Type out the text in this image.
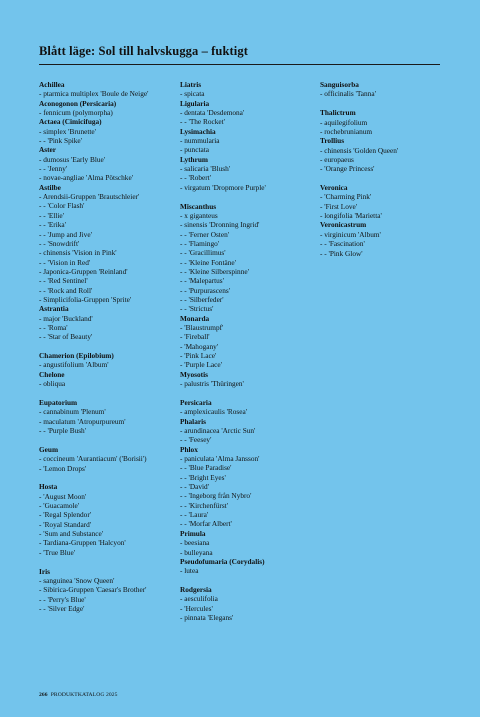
Blått läge: Sol till halvskugga – fuktigt
Achillea
- ptarmica multiplex 'Boule de Neige'
Aconogonon (Persicaria)
- fennicum (polymorpha)
Actaea (Cimicifuga)
- simplex 'Brunette'
- - 'Pink Spike'
Aster
- dumosus 'Early Blue'
- - 'Jenny'
- novae-angliae 'Alma Pötschke'
Astilbe
- Arendsii-Gruppen 'Brautschleier'
- - 'Color Flash'
- - 'Ellie'
- - 'Erika'
- - 'Jump and Jive'
- - 'Snowdrift'
- chinensis 'Vision in Pink'
- - 'Vision in Red'
- Japonica-Gruppen 'Reinland'
- - 'Red Sentinel'
- - 'Rock and Roll'
- Simplicifolia-Gruppen 'Sprite'
Astrantia
- major 'Buckland'
- - 'Roma'
- - 'Star of Beauty'
Chamerion (Epilobium)
- angustifolium 'Album'
Chelone
- obliqua
Eupatorium
- cannabinum 'Plenum'
- maculatum 'Atropurpureum'
- - 'Purple Bush'
Geum
- coccineum 'Aurantiacum' ('Borisii')
- 'Lemon Drops'
Hosta
- 'August Moon'
- 'Guacamole'
- 'Regal Splendor'
- 'Royal Standard'
- 'Sum and Substance'
- Tardiana-Gruppen 'Halcyon'
- 'True Blue'
Iris
- sanguinea 'Snow Queen'
- Sibirica-Gruppen 'Caesar's Brother'
- - 'Perry's Blue'
- - 'Silver Edge'
Liatris
- spicata
Ligularia
- dentata 'Desdemona'
- - 'The Rocket'
Lysimachia
- nummularia
- punctata
Lythrum
- salicaria 'Blush'
- - 'Robert'
- virgatum 'Dropmore Purple'
Miscanthus
- x giganteus
- sinensis 'Dronning Ingrid'
- - 'Ferner Osten'
- - 'Flamingo'
- - 'Gracillimus'
- - 'Kleine Fontäne'
- - 'Kleine Silberspinne'
- - 'Malepartus'
- - 'Purpurascens'
- - 'Silberfeder'
- - 'Strictus'
Monarda
- 'Blaustrumpf'
- 'Fireball'
- 'Mahogany'
- 'Pink Lace'
- 'Purple Lace'
Myosotis
- palustris 'Thüringen'
Persicaria
- amplexicaulis 'Rosea'
Phalaris
- arundinacea 'Arctic Sun'
- - 'Feesey'
Phlox
- paniculata 'Alma Jansson'
- - 'Blue Paradise'
- - 'Bright Eyes'
- - 'David'
- - 'Ingeborg från Nybro'
- - 'Kirchenfürst'
- - 'Laura'
- - 'Morfar Albert'
Primula
- beesiana
- bulleyana
Pseudofumaria (Corydalis)
- lutea
Rodgersia
- aesculifolia
- 'Hercules'
- pinnata 'Elegans'
Sanguisorba
- officinalis 'Tanna'
Thalictrum
- aquilegifolium
- rochebrunianum
Trollius
- chinensis 'Golden Queen'
- europaeus
- 'Orange Princess'
Veronica
- 'Charming Pink'
- 'First Love'
- longifolia 'Marietta'
Veronicastrum
- virginicum 'Album'
- - 'Fascination'
- - 'Pink Glow'
266 PRODUKTKATALOG 2025
